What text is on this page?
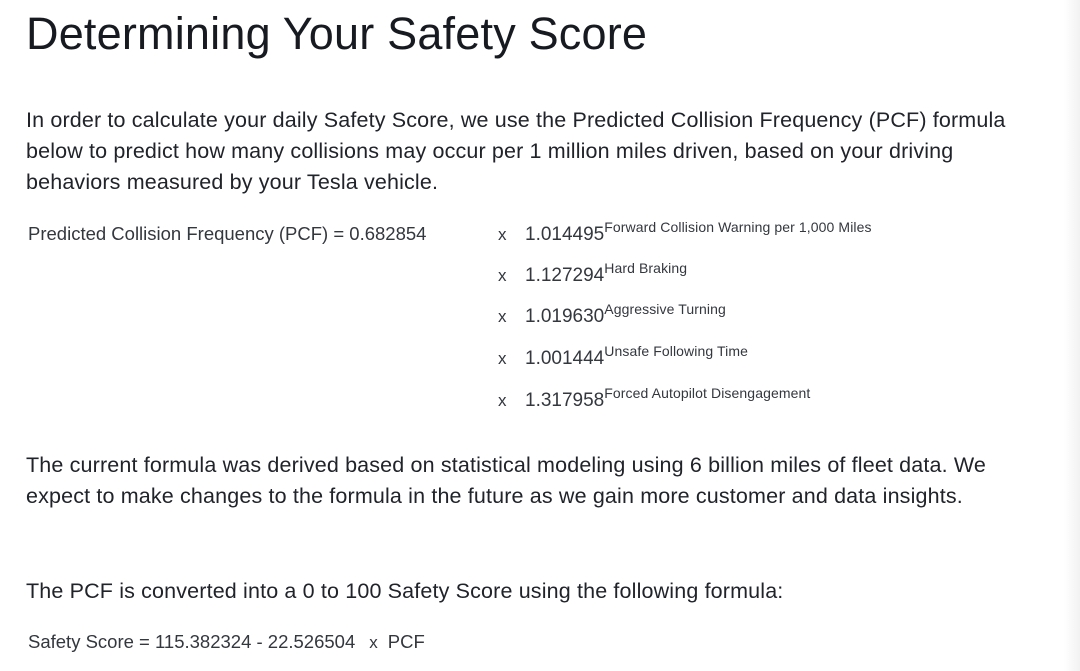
Determining Your Safety Score

In order to calculate your daily Safety Score, we use the Predicted Collision Frequency (PCF) formula below to predict how many collisions may occur per 1 million miles driven, based on your driving behaviors measured by your Tesla vehicle.

Predicted Collision Frequency (PCF) = 0.682854	x 1.014495Forward Collision Warning per 1,000 Miles
x 1.127294Hard Braking
x 1.019630Aggressive Turning
x 1.001444Unsafe Following Time
x 1.317958Forced Autopilot Disengagement

The current formula was derived based on statistical modeling using 6 billion miles of fleet data. We expect to make changes to the formula in the future as we gain more customer and data insights.

The PCF is converted into a 0 to 100 Safety Score using the following formula:

Safety Score = 115.382324 - 22.526504 x PCF
